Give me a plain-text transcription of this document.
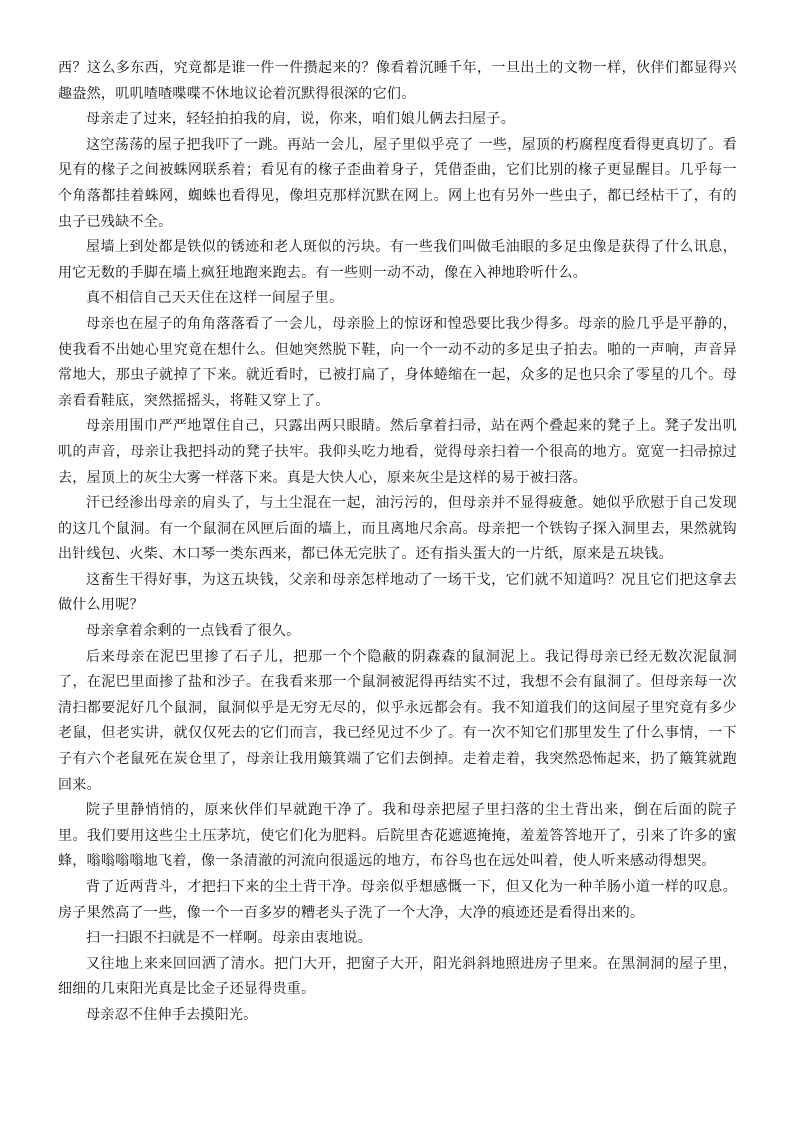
西？这么多东西，究竟都是谁一件一件攒起来的？像看着沉睡千年，一旦出土的文物一样，伙伴们都显得兴趣盎然，叽叽喳喳喋喋不休地议论着沉默得很深的它们。

母亲走了过来，轻轻拍拍我的肩，说，你来，咱们娘儿俩去扫屋子。

这空荡荡的屋子把我吓了一跳。再站一会儿，屋子里似乎亮了 一些，屋顶的朽腐程度看得更真切了。看见有的椽子之间被蛛网联系着；看见有的椽子歪曲着身子，凭借歪曲，它们比别的椽子更显醒目。几乎每一个角落都挂着蛛网，蜘蛛也看得见，像坦克那样沉默在网上。网上也有另外一些虫子，都已经枯干了，有的虫子已残缺不全。

屋墙上到处都是铁似的锈迹和老人斑似的污块。有一些我们叫做毛油眼的多足虫像是获得了什么讯息，用它无数的手脚在墙上疯狂地跑来跑去。有一些则一动不动，像在入神地聆听什么。

真不相信自己天天住在这样一间屋子里。

母亲也在屋子的角角落落看了一会儿，母亲脸上的惊讶和惶恐要比我少得多。母亲的脸几乎是平静的，使我看不出她心里究竟在想什么。但她突然脱下鞋，向一个一动不动的多足虫子拍去。啪的一声响，声音异常地大，那虫子就掉了下来。就近看时，已被打扁了，身体蜷缩在一起，众多的足也只余了零星的几个。母亲看看鞋底，突然摇摇头，将鞋又穿上了。

母亲用围巾严严地罩住自己，只露出两只眼睛。然后拿着扫帚，站在两个叠起来的凳子上。凳子发出叽叽的声音，母亲让我把抖动的凳子扶牢。我仰头吃力地看，觉得母亲扫着一个很高的地方。宽宽一扫帚掠过去，屋顶上的灰尘大雾一样落下来。真是大快人心，原来灰尘是这样的易于被扫落。

汗已经渗出母亲的肩头了，与土尘混在一起，油污污的，但母亲并不显得疲惫。她似乎欣慰于自己发现的这几个鼠洞。有一个鼠洞在风匣后面的墙上，而且离地尺余高。母亲把一个铁钩子探入洞里去，果然就钩出针线包、火柴、木口琴一类东西来，都已体无完肤了。还有指头蛋大的一片纸，原来是五块钱。

这畜生干得好事，为这五块钱，父亲和母亲怎样地动了一场干戈，它们就不知道吗？况且它们把这拿去做什么用呢？

母亲拿着余剩的一点钱看了很久。

后来母亲在泥巴里掺了石子儿，把那一个个隐蔽的阴森森的鼠洞泥上。我记得母亲已经无数次泥鼠洞了，在泥巴里面掺了盐和沙子。在我看来那一个鼠洞被泥得再结实不过，我想不会有鼠洞了。但母亲每一次清扫都要泥好几个鼠洞，鼠洞似乎是无穷无尽的，似乎永远都会有。我不知道我们的这间屋子里究竟有多少老鼠，但老实讲，就仅仅死去的它们而言，我已经见过不少了。有一次不知它们那里发生了什么事情，一下子有六个老鼠死在炭仓里了，母亲让我用簸箕端了它们去倒掉。走着走着，我突然恐怖起来，扔了簸箕就跑回来。

院子里静悄悄的，原来伙伴们早就跑干净了。我和母亲把屋子里扫落的尘土背出来，倒在后面的院子里。我们要用这些尘土压茅坑，使它们化为肥料。后院里杏花遮遮掩掩，羞羞答答地开了，引来了许多的蜜蜂，嗡嗡嗡嗡地飞着，像一条清澈的河流向很遥远的地方，布谷鸟也在远处叫着，使人听来感动得想哭。

背了近两背斗，才把扫下来的尘土背干净。母亲似乎想感慨一下，但又化为一种羊肠小道一样的叹息。房子果然高了一些，像一个一百多岁的糟老头子洗了一个大净，大净的痕迹还是看得出来的。

扫一扫跟不扫就是不一样啊。母亲由衷地说。

又往地上来来回回洒了清水。把门大开，把窗子大开，阳光斜斜地照进房子里来。在黑洞洞的屋子里，细细的几束阳光真是比金子还显得贵重。

母亲忍不住伸手去摸阳光。
